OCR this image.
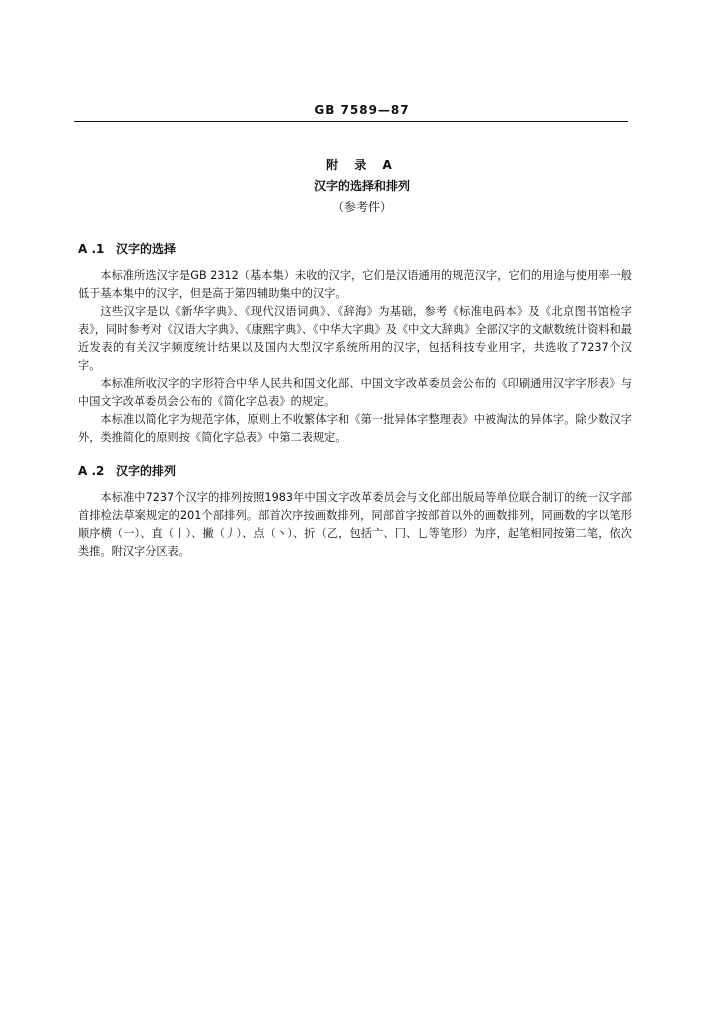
GB 7589—87
附 录 A
汉字的选择和排列
（参考件）
A .1 汉字的选择

本标准所选汉字是GB 2312（基本集）未收的汉字，它们是汉语通用的规范汉字，它们的用途与使用率一般低于基本集中的汉字，但是高于第四辅助集中的汉字。

这些汉字是以《新华字典》、《现代汉语词典》、《辞海》为基础，参考《标准电码本》及《北京图书馆检字表》，同时参考对《汉语大字典》、《康熙字典》、《中华大字典》及《中文大辞典》全部汉字的文献数统计资料和最近发表的有关汉字频度统计结果以及国内大型汉字系统所用的汉字，包括科技专业用字，共选收了7237个汉字。

本标准所收汉字的字形符合中华人民共和国文化部、中国文字改革委员会公布的《印刷通用汉字字形表》与中国文字改革委员会公布的《简化字总表》的规定。

本标准以简化字为规范字体，原则上不收繁体字和《第一批异体字整理表》中被淘汰的异体字。除少数汉字外，类推简化的原则按《简化字总表》中第二表规定。

A .2 汉字的排列

本标准中7237个汉字的排列按照1983年中国文字改革委员会与文化部出版局等单位联合制订的统一汉字部首排检法草案规定的201个部排列。部首次序按画数排列，同部首字按部首以外的画数排列，同画数的字以笔形顺序横（一）、直（丨）、撇（丿）、点（丶）、折（乙，包括亠、冂、乚等笔形）为序，起笔相同按第二笔，依次类推。附汉字分区表。
